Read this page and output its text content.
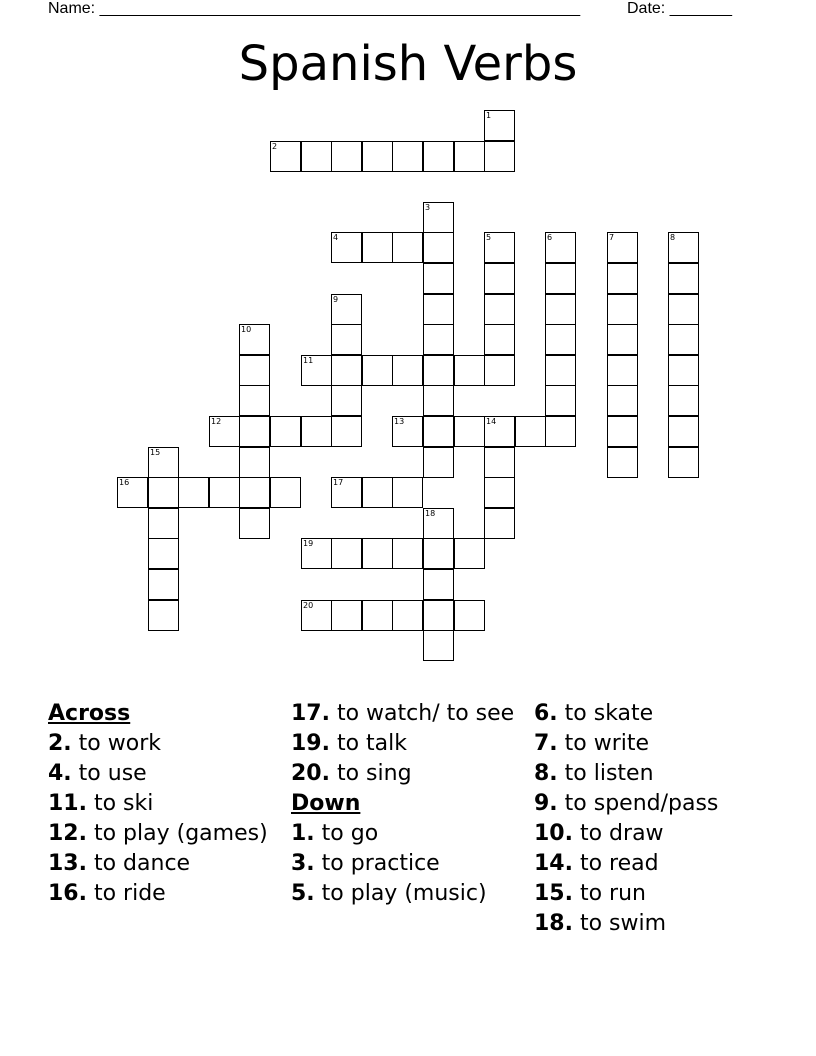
Name: ______________________________________________________	Date: _______
Spanish Verbs
1
2
3
4	5	6	7	8
9
10
11
12	13	14
15
16	17
18
19
20
Across
2. to work
4. to use
11. to ski
12. to play (games)
13. to dance
16. to ride
17. to watch/ to see
19. to talk
20. to sing
Down
1. to go
3. to practice
5. to play (music)
6. to skate
7. to write
8. to listen
9. to spend/pass
10. to draw
14. to read
15. to run
18. to swim
